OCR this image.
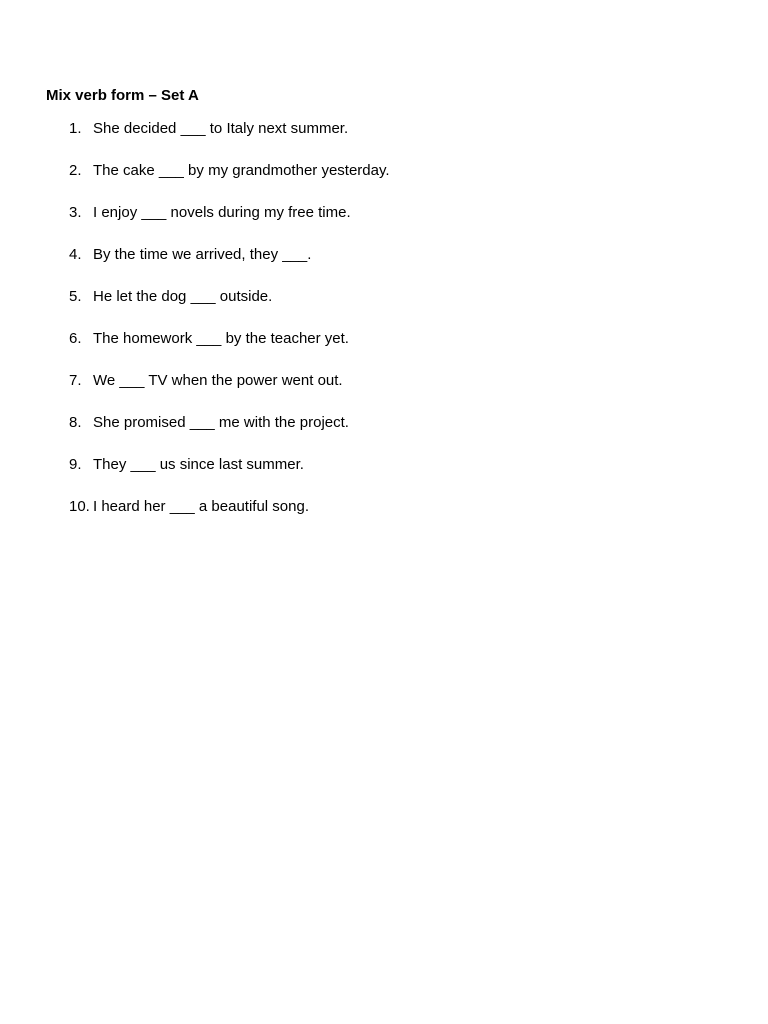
Mix verb form – Set A
1. She decided ___ to Italy next summer.
2. The cake ___ by my grandmother yesterday.
3. I enjoy ___ novels during my free time.
4. By the time we arrived, they ___.
5. He let the dog ___ outside.
6. The homework ___ by the teacher yet.
7. We ___ TV when the power went out.
8. She promised ___ me with the project.
9. They ___ us since last summer.
10. I heard her ___ a beautiful song.
